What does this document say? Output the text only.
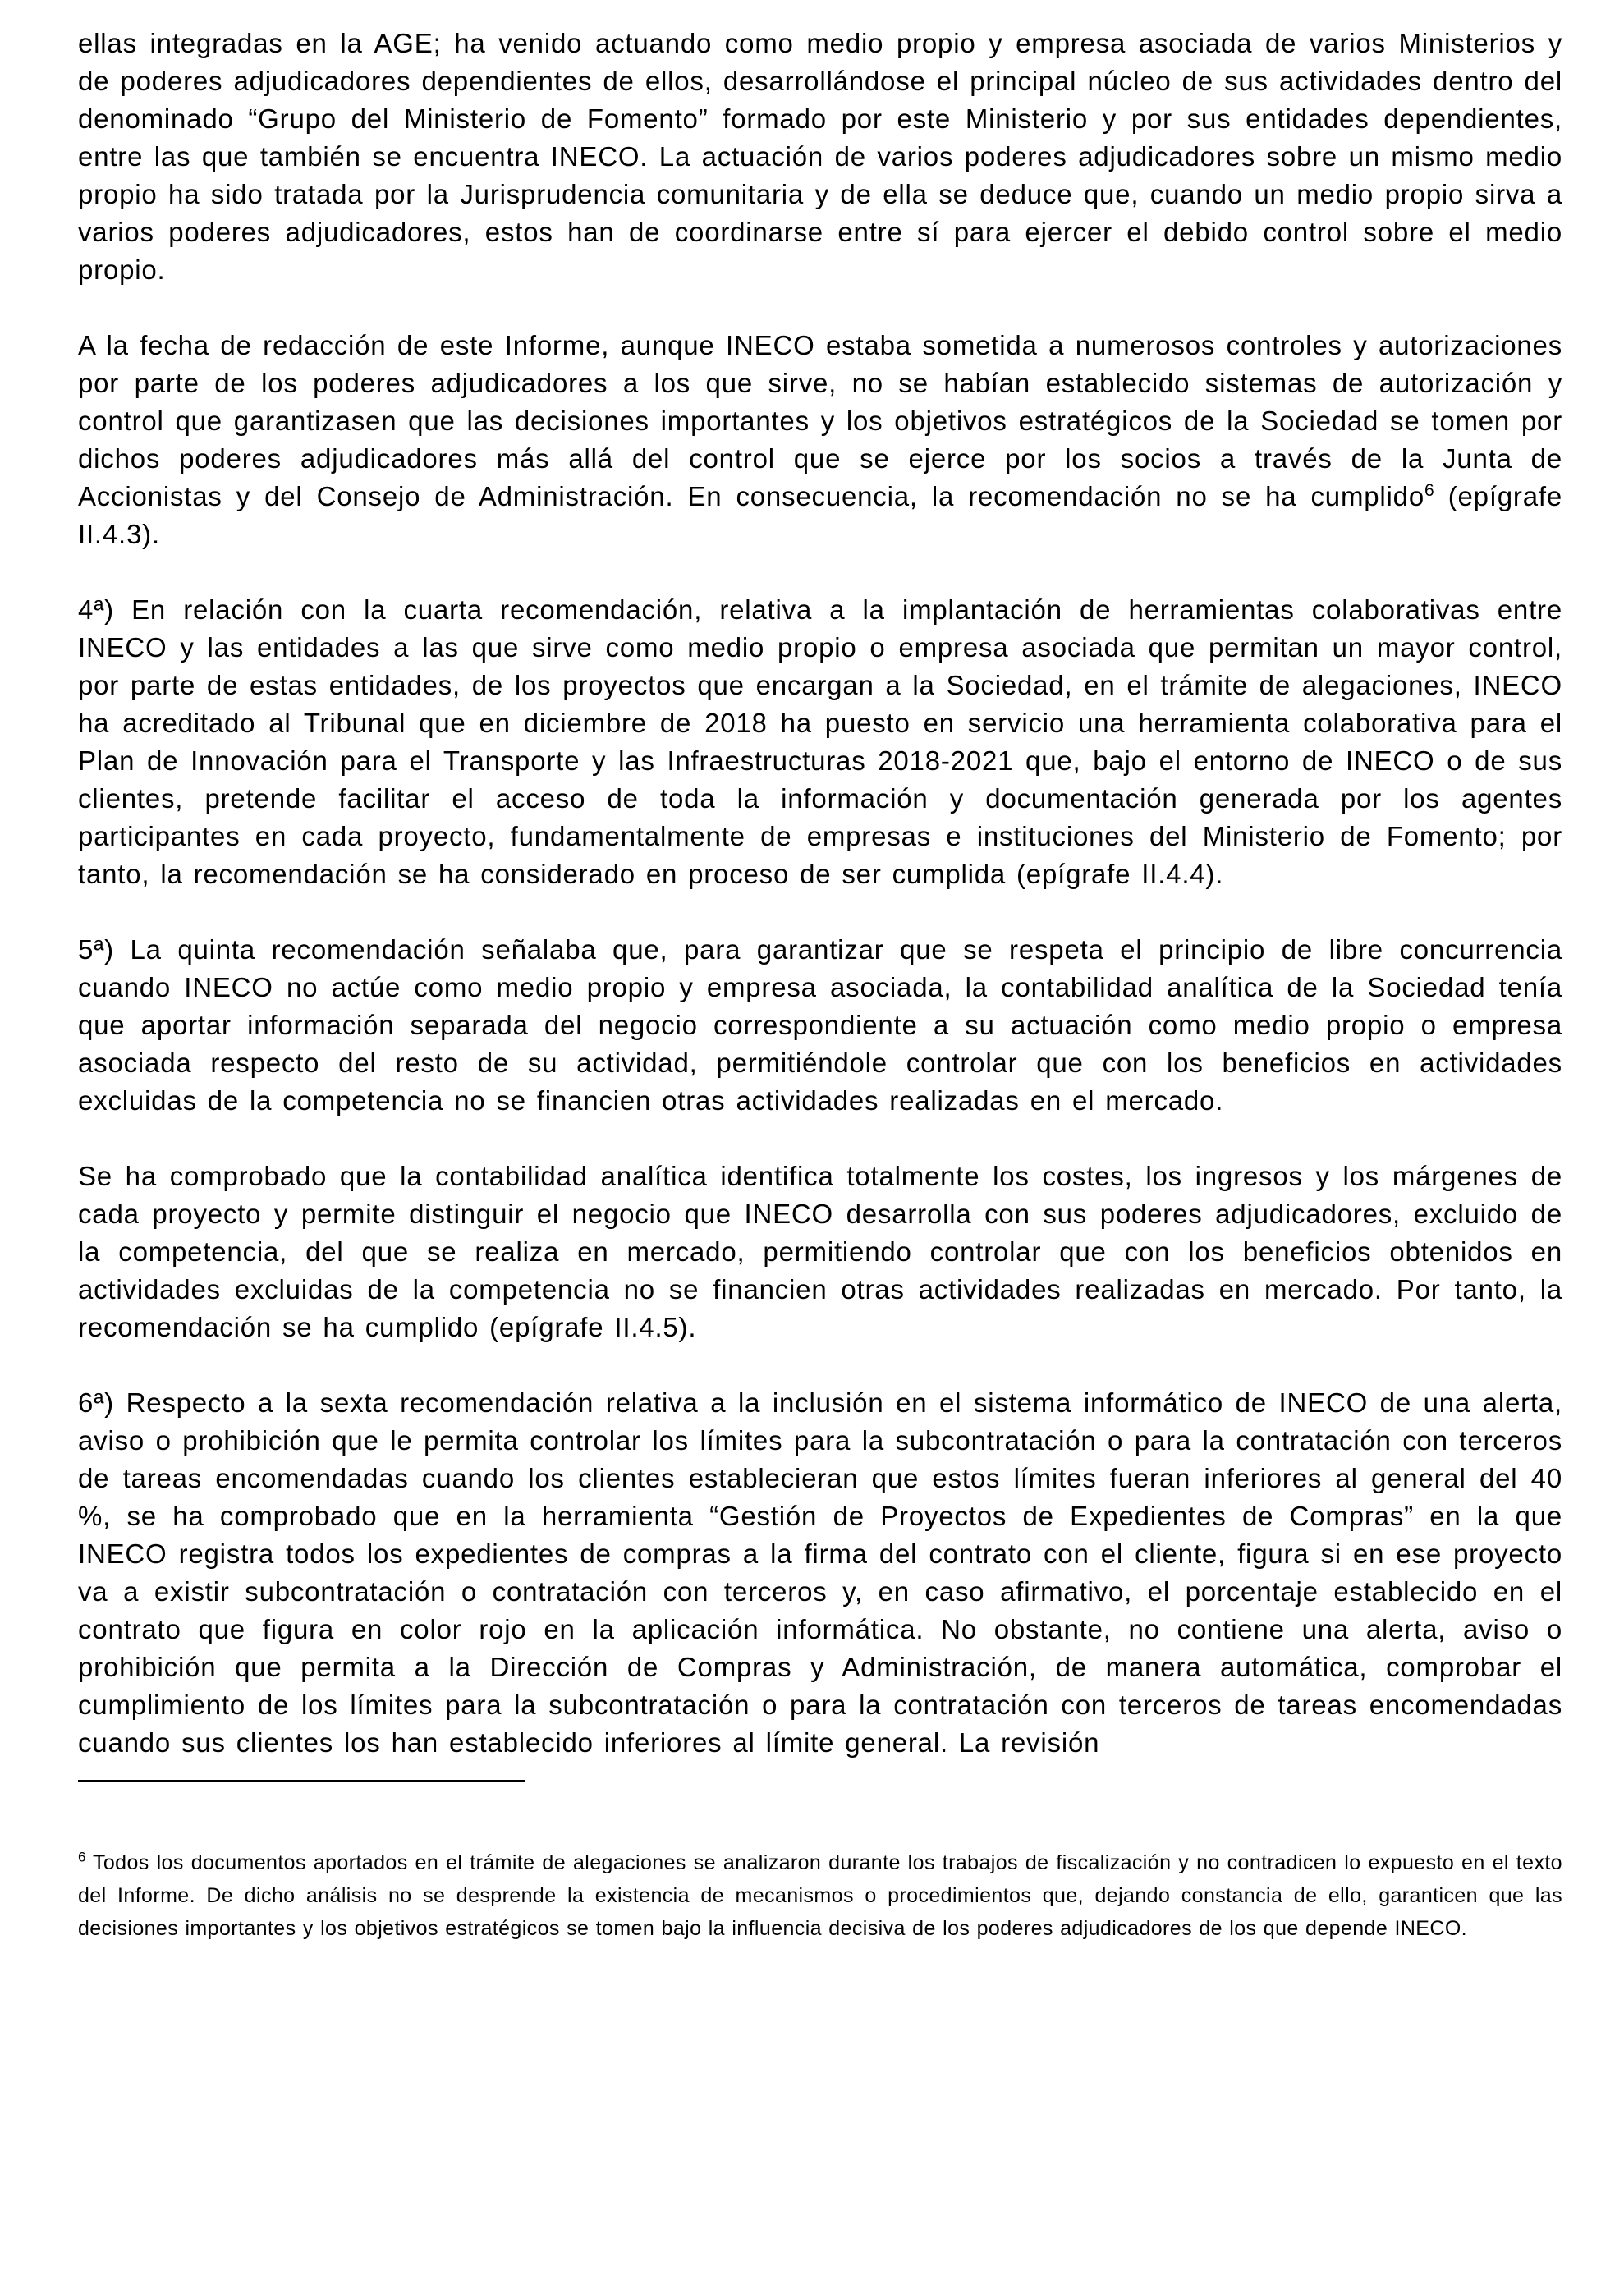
ellas integradas en la AGE; ha venido actuando como medio propio y empresa asociada de varios Ministerios y de poderes adjudicadores dependientes de ellos, desarrollándose el principal núcleo de sus actividades dentro del denominado “Grupo del Ministerio de Fomento” formado por este Ministerio y por sus entidades dependientes, entre las que también se encuentra INECO. La actuación de varios poderes adjudicadores sobre un mismo medio propio ha sido tratada por la Jurisprudencia comunitaria y de ella se deduce que, cuando un medio propio sirva a varios poderes adjudicadores, estos han de coordinarse entre sí para ejercer el debido control sobre el medio propio.

A la fecha de redacción de este Informe, aunque INECO estaba sometida a numerosos controles y autorizaciones por parte de los poderes adjudicadores a los que sirve, no se habían establecido sistemas de autorización y control que garantizasen que las decisiones importantes y los objetivos estratégicos de la Sociedad se tomen por dichos poderes adjudicadores más allá del control que se ejerce por los socios a través de la Junta de Accionistas y del Consejo de Administración. En consecuencia, la recomendación no se ha cumplido$^6$ (epígrafe II.4.3).

4ª) En relación con la cuarta recomendación, relativa a la implantación de herramientas colaborativas entre INECO y las entidades a las que sirve como medio propio o empresa asociada que permitan un mayor control, por parte de estas entidades, de los proyectos que encargan a la Sociedad, en el trámite de alegaciones, INECO ha acreditado al Tribunal que en diciembre de 2018 ha puesto en servicio una herramienta colaborativa para el Plan de Innovación para el Transporte y las Infraestructuras 2018-2021 que, bajo el entorno de INECO o de sus clientes, pretende facilitar el acceso de toda la información y documentación generada por los agentes participantes en cada proyecto, fundamentalmente de empresas e instituciones del Ministerio de Fomento; por tanto, la recomendación se ha considerado en proceso de ser cumplida (epígrafe II.4.4).

5ª) La quinta recomendación señalaba que, para garantizar que se respeta el principio de libre concurrencia cuando INECO no actúe como medio propio y empresa asociada, la contabilidad analítica de la Sociedad tenía que aportar información separada del negocio correspondiente a su actuación como medio propio o empresa asociada respecto del resto de su actividad, permitiéndole controlar que con los beneficios en actividades excluidas de la competencia no se financien otras actividades realizadas en el mercado.

Se ha comprobado que la contabilidad analítica identifica totalmente los costes, los ingresos y los márgenes de cada proyecto y permite distinguir el negocio que INECO desarrolla con sus poderes adjudicadores, excluido de la competencia, del que se realiza en mercado, permitiendo controlar que con los beneficios obtenidos en actividades excluidas de la competencia no se financien otras actividades realizadas en mercado. Por tanto, la recomendación se ha cumplido (epígrafe II.4.5).

6ª) Respecto a la sexta recomendación relativa a la inclusión en el sistema informático de INECO de una alerta, aviso o prohibición que le permita controlar los límites para la subcontratación o para la contratación con terceros de tareas encomendadas cuando los clientes establecieran que estos límites fueran inferiores al general del 40 %, se ha comprobado que en la herramienta “Gestión de Proyectos de Expedientes de Compras” en la que INECO registra todos los expedientes de compras a la firma del contrato con el cliente, figura si en ese proyecto va a existir subcontratación o contratación con terceros y, en caso afirmativo, el porcentaje establecido en el contrato que figura en color rojo en la aplicación informática. No obstante, no contiene una alerta, aviso o prohibición que permita a la Dirección de Compras y Administración, de manera automática, comprobar el cumplimiento de los límites para la subcontratación o para la contratación con terceros de tareas encomendadas cuando sus clientes los han establecido inferiores al límite general. La revisión

$^6$ Todos los documentos aportados en el trámite de alegaciones se analizaron durante los trabajos de fiscalización y no contradicen lo expuesto en el texto del Informe. De dicho análisis no se desprende la existencia de mecanismos o procedimientos que, dejando constancia de ello, garanticen que las decisiones importantes y los objetivos estratégicos se tomen bajo la influencia decisiva de los poderes adjudicadores de los que depende INECO.
